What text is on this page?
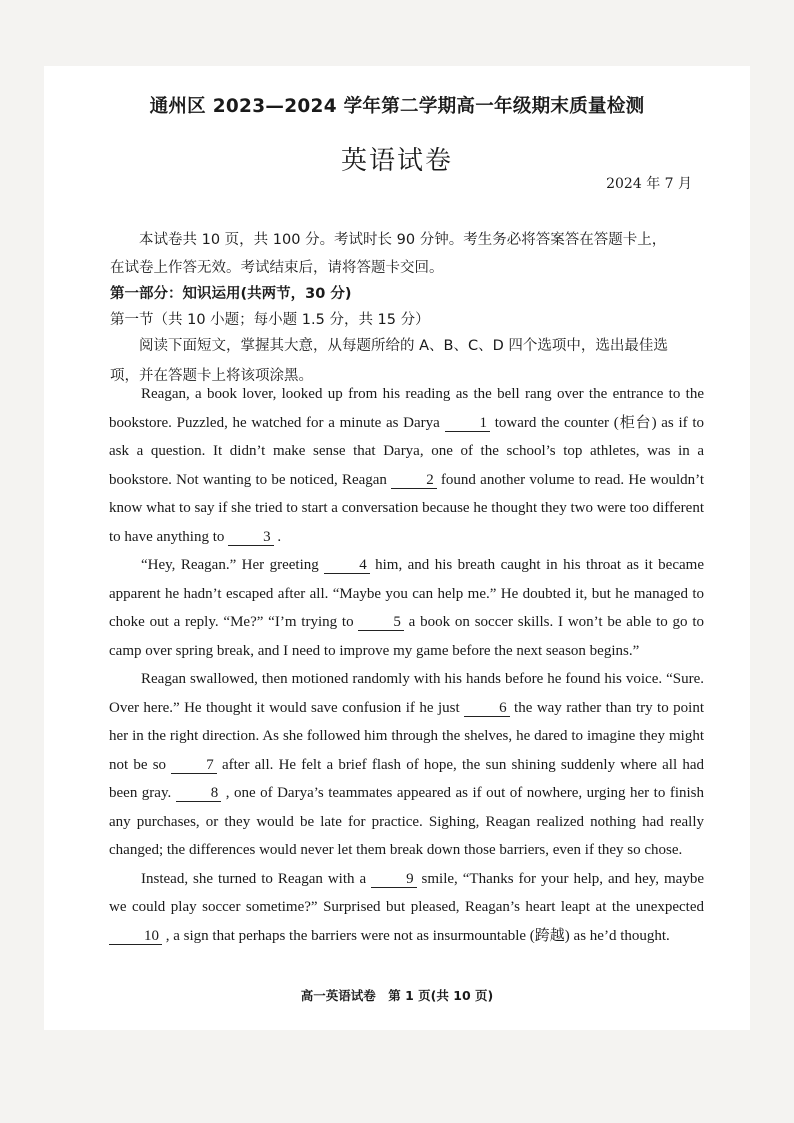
通州区 2023—2024 学年第二学期高一年级期末质量检测
英语试卷
2024 年 7 月
本试卷共 10 页，共 100 分。考试时长 90 分钟。考生务必将答案答在答题卡上，
在试卷上作答无效。考试结束后，请将答题卡交回。
第一部分：知识运用(共两节，30 分)
第一节（共 10 小题；每小题 1.5 分，共 15 分）
阅读下面短文，掌握其大意，从每题所给的 A、B、C、D 四个选项中，选出最佳选
项，并在答题卡上将该项涂黑。

Reagan, a book lover, looked up from his reading as the bell rang over the entrance to the bookstore. Puzzled, he watched for a minute as Darya 1 toward the counter (柜台) as if to ask a question. It didn’t make sense that Darya, one of the school’s top athletes, was in a bookstore. Not wanting to be noticed, Reagan 2 found another volume to read. He wouldn’t know what to say if she tried to start a conversation because he thought they two were too different to have anything to 3 .

“Hey, Reagan.” Her greeting 4 him, and his breath caught in his throat as it became apparent he hadn’t escaped after all. “Maybe you can help me.” He doubted it, but he managed to choke out a reply. “Me?” “I’m trying to 5 a book on soccer skills. I won’t be able to go to camp over spring break, and I need to improve my game before the next season begins.”

Reagan swallowed, then motioned randomly with his hands before he found his voice. “Sure. Over here.” He thought it would save confusion if he just 6 the way rather than try to point her in the right direction. As she followed him through the shelves, he dared to imagine they might not be so 7 after all. He felt a brief flash of hope, the sun shining suddenly where all had been gray. 8 , one of Darya’s teammates appeared as if out of nowhere, urging her to finish any purchases, or they would be late for practice. Sighing, Reagan realized nothing had really changed; the differences would never let them break down those barriers, even if they so chose.

Instead, she turned to Reagan with a 9 smile, “Thanks for your help, and hey, maybe we could play soccer sometime?” Surprised but pleased, Reagan’s heart leapt at the unexpected 10 , a sign that perhaps the barriers were not as insurmountable (跨越) as he’d thought.

高一英语试卷　第 1 页(共 10 页)
